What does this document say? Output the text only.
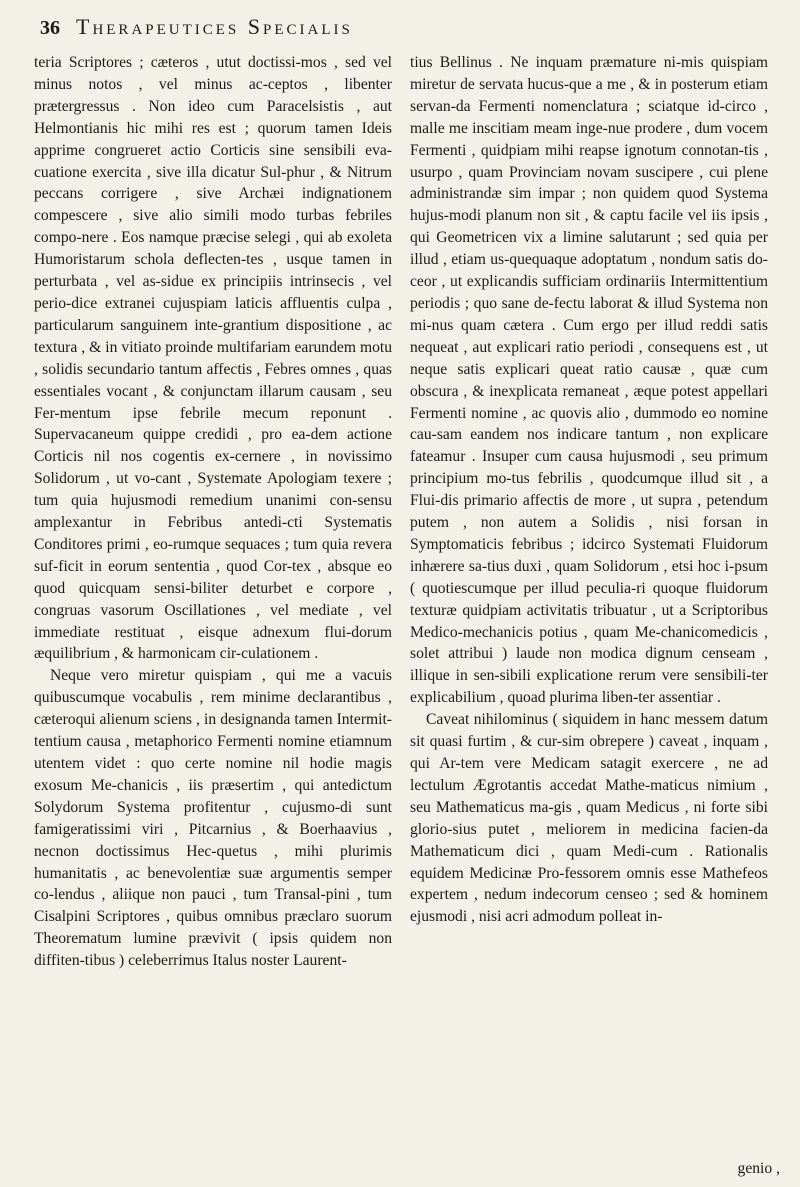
36 Therapeutices Specialis

teria Scriptores ; cæteros , utut doctissi-mos , sed vel minus notos , vel minus ac-ceptos , libenter prætergressus . Non ideo cum Paracelsistis , aut Helmontianis hic mihi res est ; quorum tamen Ideis apprime congrueret actio Corticis sine sensibili eva-cuatione exercita , sive illa dicatur Sul-phur , & Nitrum peccans corrigere , sive Archæi indignationem compescere , sive alio simili modo turbas febriles compo-nere . Eos namque præcise selegi , qui ab exoleta Humoristarum schola deflecten-tes , usque tamen in perturbata , vel as-sidue ex principiis intrinsecis , vel perio-dice extranei cujuspiam laticis affluentis culpa , particularum sanguinem inte-grantium dispositione , ac textura , & in vitiato proinde multifariam earundem motu , solidis secundario tantum affectis , Febres omnes , quas essentiales vocant , & conjunctam illarum causam , seu Fer-mentum ipse febrile mecum reponunt . Supervacaneum quippe credidi , pro ea-dem actione Corticis nil nos cogentis ex-cernere , in novissimo Solidorum , ut vo-cant , Systemate Apologiam texere ; tum quia hujusmodi remedium unanimi con-sensu amplexantur in Febribus antedi-cti Systematis Conditores primi , eo-rumque sequaces ; tum quia revera suf-ficit in eorum sententia , quod Cor-tex , absque eo quod quicquam sensi-biliter deturbet e corpore , congruas vasorum Oscillationes , vel mediate , vel immediate restituat , eisque adnexum flui-dorum æquilibrium , & harmonicam cir-culationem .

Neque vero miretur quispiam , qui me a vacuis quibuscumque vocabulis , rem minime declarantibus , cæteroqui alienum sciens , in designanda tamen Intermit-tentium causa , metaphorico Fermenti nomine etiamnum utentem videt : quo certe nomine nil hodie magis exosum Me-chanicis , iis præsertim , qui antedictum Solydorum Systema profitentur , cujusmo-di sunt famigeratissimi viri , Pitcarnius , & Boerhaavius , necnon doctissimus Hec-quetus , mihi plurimis humanitatis , ac benevolentiæ suæ argumentis semper co-lendus , aliique non pauci , tum Transal-pini , tum Cisalpini Scriptores , quibus omnibus præclaro suorum Theorematum lumine prævivit ( ipsis quidem non diffiten-tibus ) celeberrimus Italus noster Laurent-

tius Bellinus . Ne inquam præmature ni-mis quispiam miretur de servata hucus-que a me , & in posterum etiam servan-da Fermenti nomenclatura ; sciatque id-circo , malle me inscitiam meam inge-nue prodere , dum vocem Fermenti , quidpiam mihi reapse ignotum connotan-tis , usurpo , quam Provinciam novam suscipere , cui plene administrandæ sim impar ; non quidem quod Systema hujus-modi planum non sit , & captu facile vel iis ipsis , qui Geometricen vix a limine salutarunt ; sed quia per illud , etiam us-quequaque adoptatum , nondum satis do-ceor , ut explicandis sufficiam ordinariis Intermittentium periodis ; quo sane de-fectu laborat & illud Systema non mi-nus quam cætera . Cum ergo per illud reddi satis nequeat , aut explicari ratio periodi , consequens est , ut neque satis explicari queat ratio causæ , quæ cum obscura , & inexplicata remaneat , æque potest appellari Fermenti nomine , ac quovis alio , dummodo eo nomine cau-sam eandem nos indicare tantum , non explicare fateamur . Insuper cum causa hujusmodi , seu primum principium mo-tus febrilis , quodcumque illud sit , a Flui-dis primario affectis de more , ut supra , petendum putem , non autem a Solidis , nisi forsan in Symptomaticis febribus ; idcirco Systemati Fluidorum inhærere sa-tius duxi , quam Solidorum , etsi hoc i-psum ( quotiescumque per illud peculia-ri quoque fluidorum texturæ quidpiam activitatis tribuatur , ut a Scriptoribus Medico-mechanicis potius , quam Me-chanicomedicis , solet attribui ) laude non modica dignum censeam , illique in sen-sibili explicatione rerum vere sensibili-ter explicabilium , quoad plurima liben-ter assentiar .

Caveat nihilominus ( siquidem in hanc messem datum sit quasi furtim , & cur-sim obrepere ) caveat , inquam , qui Ar-tem vere Medicam satagit exercere , ne ad lectulum Ægrotantis accedat Mathe-maticus nimium , seu Mathematicus ma-gis , quam Medicus , ni forte sibi glorio-sius putet , meliorem in medicina facien-da Mathematicum dici , quam Medi-cum . Rationalis equidem Medicinæ Pro-fessorem omnis esse Mathefeos expertem , nedum indecorum censeo ; sed & hominem ejusmodi , nisi acri admodum polleat in-

genio ,
